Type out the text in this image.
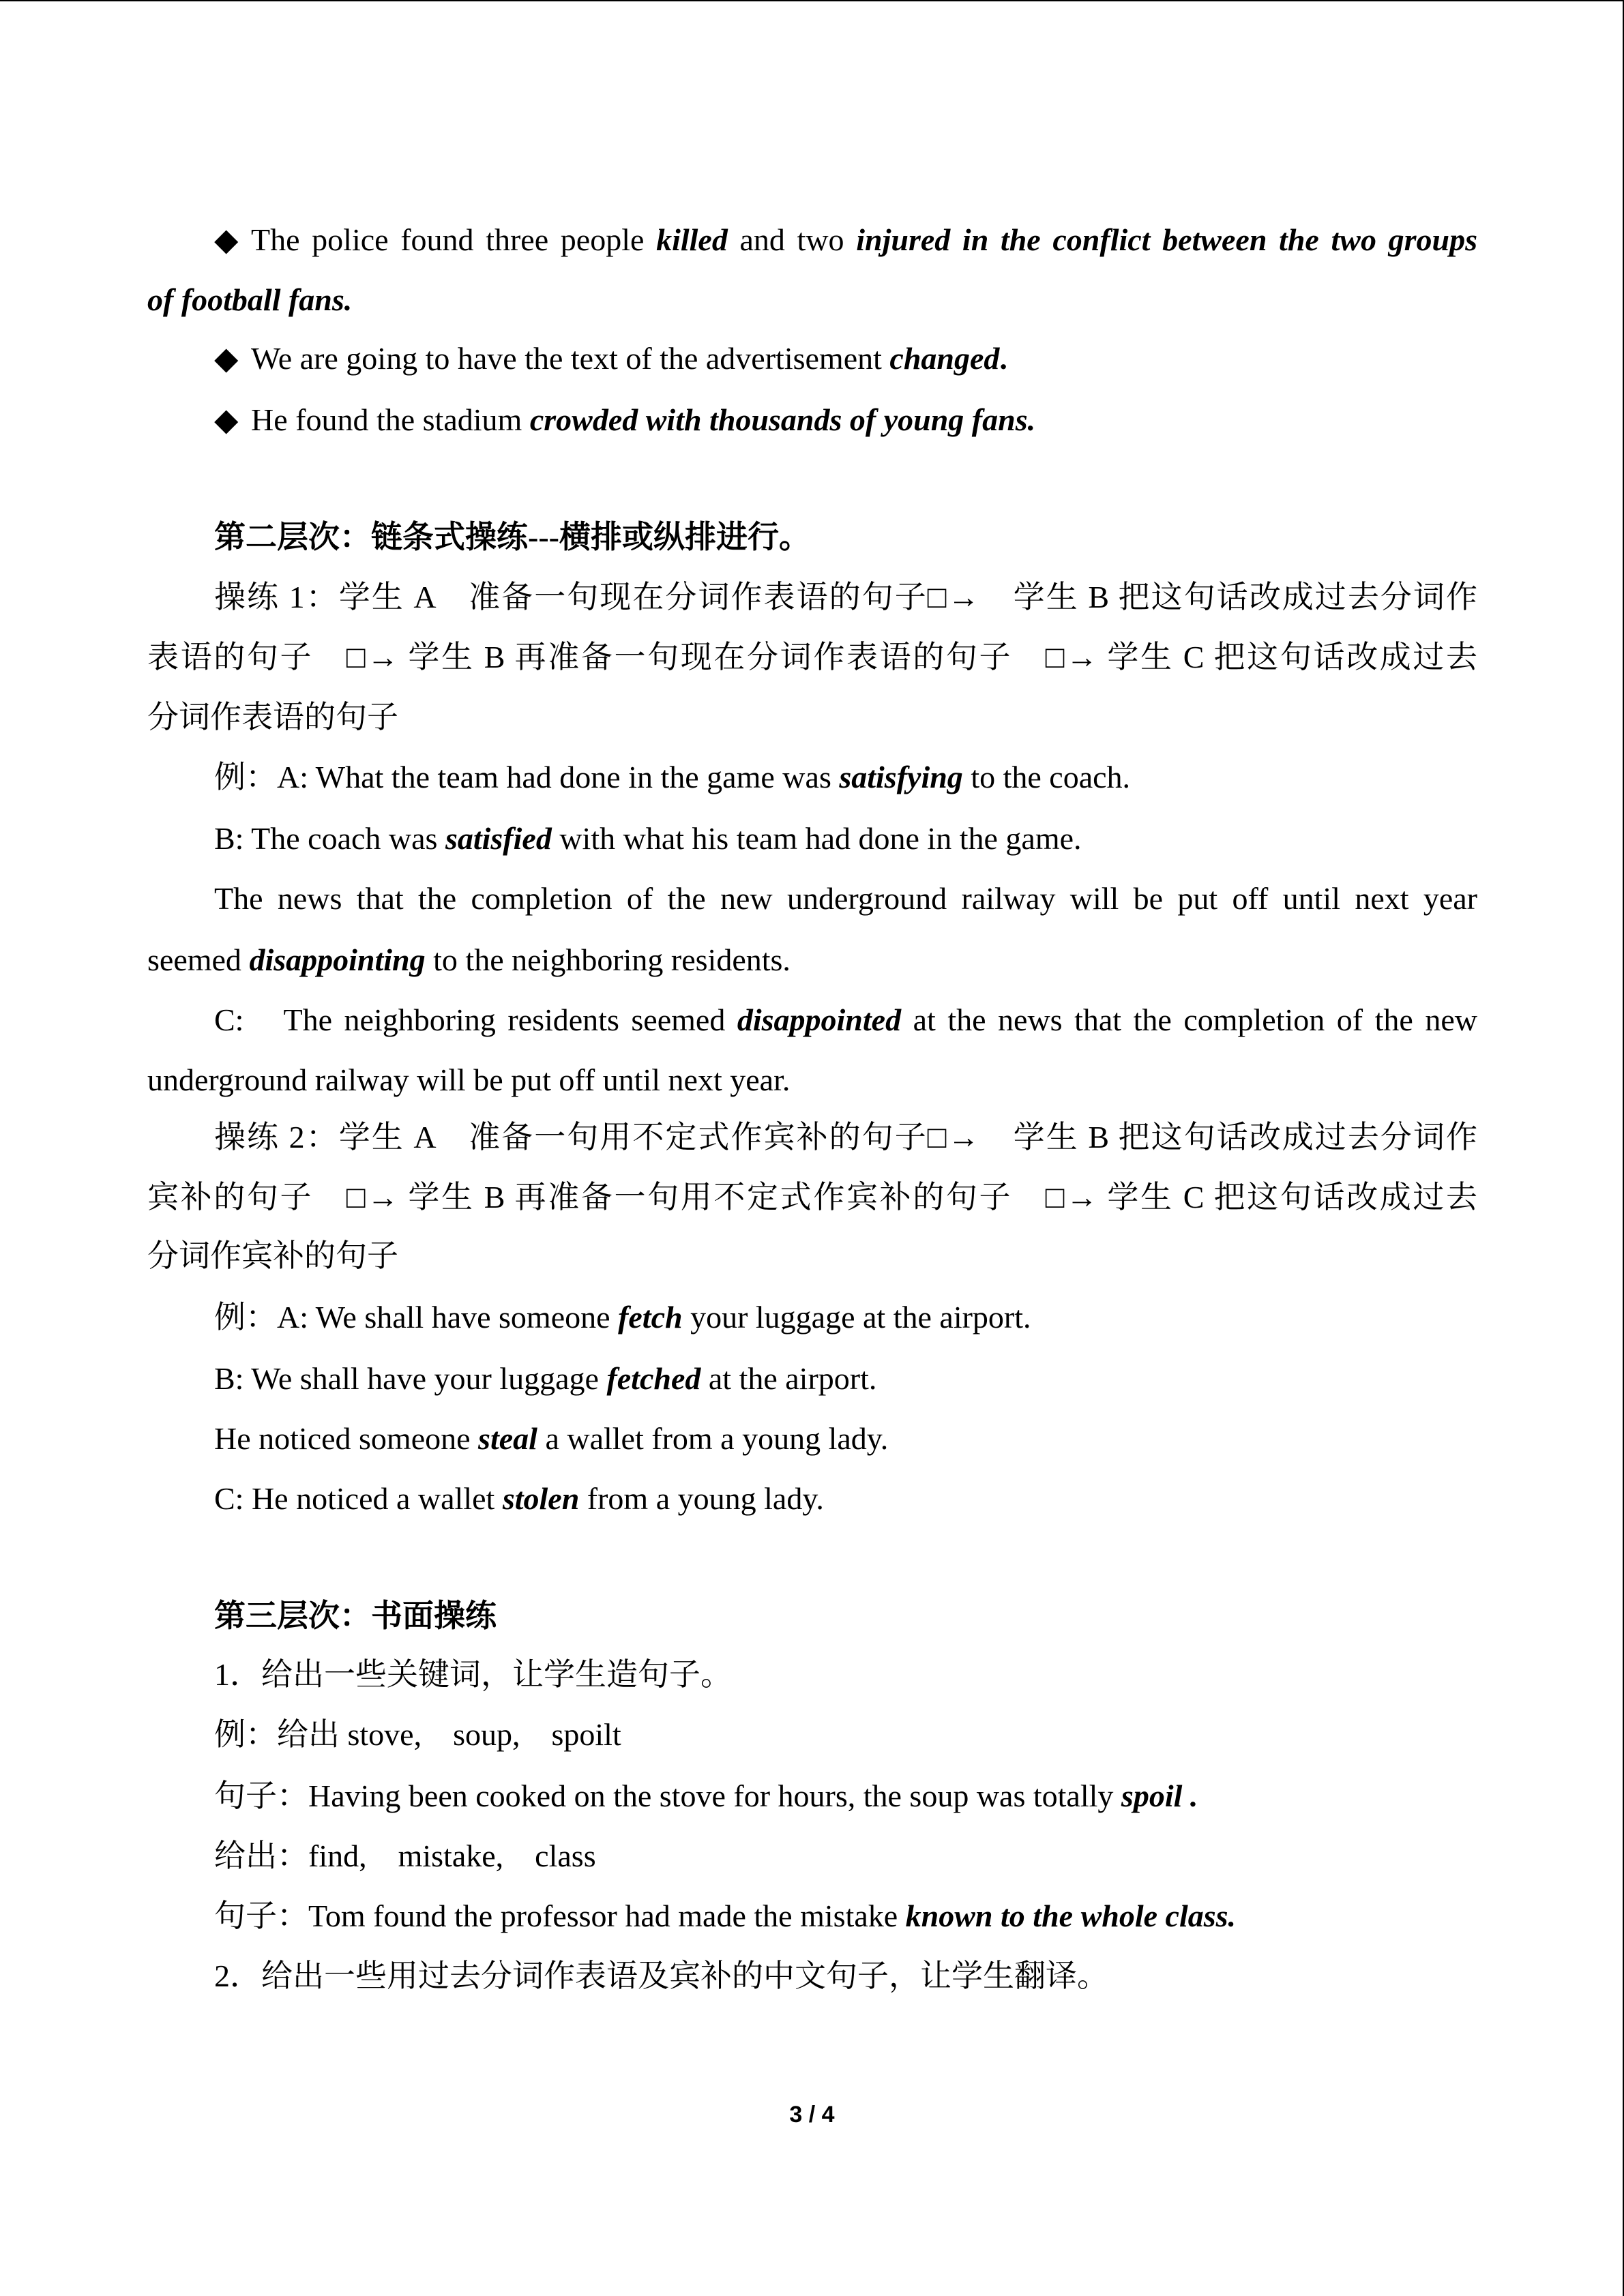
◆ The police found three people killed and two injured in the conflict between the two groups
of football fans.
◆ We are going to have the text of the advertisement changed.
◆ He found the stadium crowded with thousands of young fans.
第二层次：链条式操练---横排或纵排进行。
操练 1：学生 A　准备一句现在分词作表语的句子□→　学生 B 把这句话改成过去分词作
表语的句子　□→ 学生 B 再准备一句现在分词作表语的句子　□→ 学生 C 把这句话改成过去
分词作表语的句子
例：A: What the team had done in the game was satisfying to the coach.
B: The coach was satisfied with what his team had done in the game.
The news that the completion of the new underground railway will be put off until next year
seemed disappointing to the neighboring residents.
C:　The neighboring residents seemed disappointed at the news that the completion of the new
underground railway will be put off until next year.
操练 2：学生 A　准备一句用不定式作宾补的句子□→　学生 B 把这句话改成过去分词作
宾补的句子　□→ 学生 B 再准备一句用不定式作宾补的句子　□→ 学生 C 把这句话改成过去
分词作宾补的句子
例：A: We shall have someone fetch your luggage at the airport.
B: We shall have your luggage fetched at the airport.
He noticed someone steal a wallet from a young lady.
C: He noticed a wallet stolen from a young lady.
第三层次：书面操练
1．给出一些关键词，让学生造句子。
例：给出 stove,　soup,　spoilt
句子：Having been cooked on the stove for hours, the soup was totally spoil .
给出：find,　mistake,　class
句子：Tom found the professor had made the mistake known to the whole class.
2．给出一些用过去分词作表语及宾补的中文句子，让学生翻译。
3 / 4
